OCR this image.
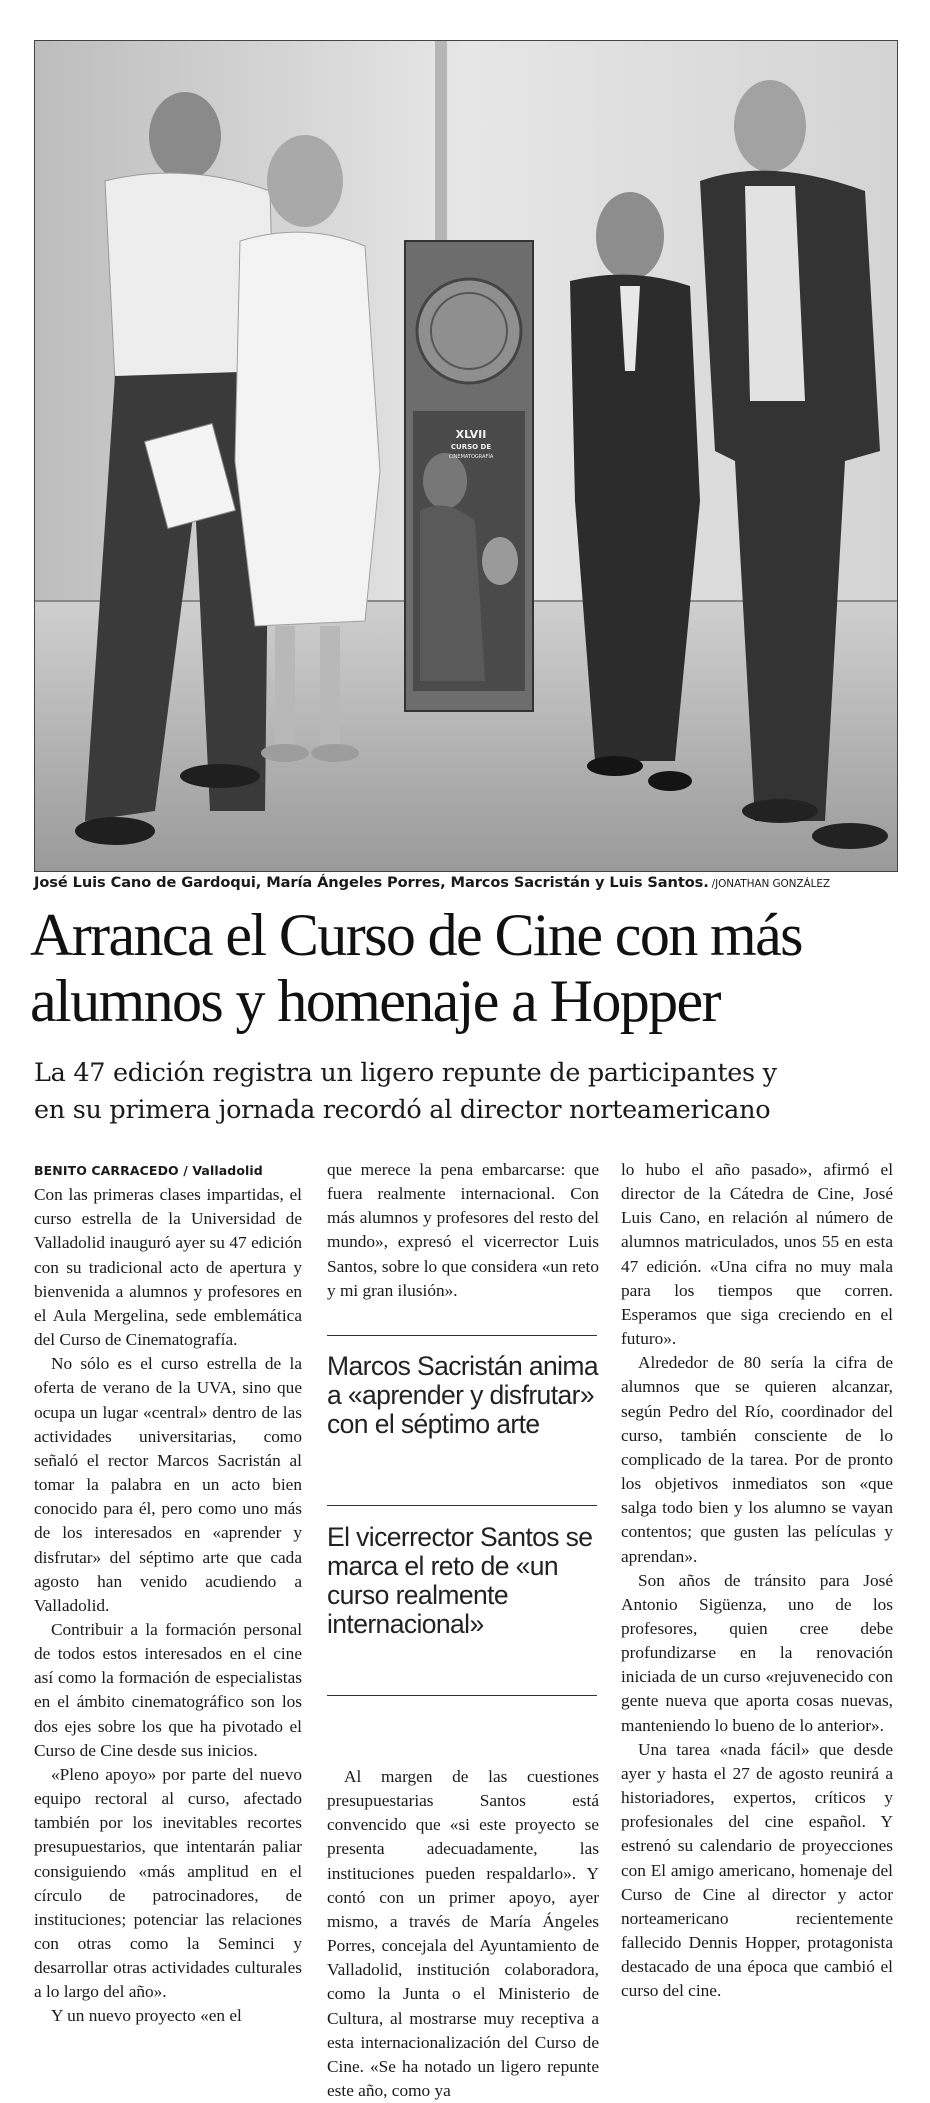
XLVII
CURSO DE
CINEMATOGRAFÍA
José Luis Cano de Gardoqui, María Ángeles Porres, Marcos Sacristán y Luis Santos. /JONATHAN GONZÁLEZ
Arranca el Curso de Cine con más
alumnos y homenaje a Hopper
La 47 edición registra un ligero repunte de participantes y
en su primera jornada recordó al director norteamericano

BENITO CARRACEDO / Valladolid
Con las primeras clases impartidas, el curso estrella de la Universidad de Valladolid inauguró ayer su 47 edición con su tradicional acto de apertura y bienvenida a alumnos y profesores en el Aula Mergelina, sede emblemática del Curso de Cinematografía.

No sólo es el curso estrella de la oferta de verano de la UVA, sino que ocupa un lugar «central» dentro de las actividades universitarias, como señaló el rector Marcos Sacristán al tomar la palabra en un acto bien conocido para él, pero como uno más de los interesados en «aprender y disfrutar» del séptimo arte que cada agosto han venido acudiendo a Valladolid.

Contribuir a la formación personal de todos estos interesados en el cine así como la formación de especialistas en el ámbito cinematográfico son los dos ejes sobre los que ha pivotado el Curso de Cine desde sus inicios.

«Pleno apoyo» por parte del nuevo equipo rectoral al curso, afectado también por los inevitables recortes presupuestarios, que intentarán paliar consiguiendo «más amplitud en el círculo de patrocinadores, de instituciones; potenciar las relaciones con otras como la Seminci y desarrollar otras actividades culturales a lo largo del año».

Y un nuevo proyecto «en el

que merece la pena embarcarse: que fuera realmente internacional. Con más alumnos y profesores del resto del mundo», expresó el vicerrector Luis Santos, sobre lo que considera «un reto y mi gran ilusión».

Marcos Sacristán anima a «aprender y disfrutar» con el séptimo arte
El vicerrector Santos se marca el reto de «un curso realmente internacional»

Al margen de las cuestiones presupuestarias Santos está convencido que «si este proyecto se presenta adecuadamente, las instituciones pueden respaldarlo». Y contó con un primer apoyo, ayer mismo, a través de María Ángeles Porres, concejala del Ayuntamiento de Valladolid, institución colaboradora, como la Junta o el Ministerio de Cultura, al mostrarse muy receptiva a esta internacionalización del Curso de Cine. «Se ha notado un ligero repunte este año, como ya

lo hubo el año pasado», afirmó el director de la Cátedra de Cine, José Luis Cano, en relación al número de alumnos matriculados, unos 55 en esta 47 edición. «Una cifra no muy mala para los tiempos que corren. Esperamos que siga creciendo en el futuro».

Alrededor de 80 sería la cifra de alumnos que se quieren alcanzar, según Pedro del Río, coordinador del curso, también consciente de lo complicado de la tarea. Por de pronto los objetivos inmediatos son «que salga todo bien y los alumno se vayan contentos; que gusten las películas y aprendan».

Son años de tránsito para José Antonio Sigüenza, uno de los profesores, quien cree debe profundizarse en la renovación iniciada de un curso «rejuvenecido con gente nueva que aporta cosas nuevas, manteniendo lo bueno de lo anterior».

Una tarea «nada fácil» que desde ayer y hasta el 27 de agosto reunirá a historiadores, expertos, críticos y profesionales del cine español. Y estrenó su calendario de proyecciones con El amigo americano, homenaje del Curso de Cine al director y actor norteamericano recientemente fallecido Dennis Hopper, protagonista destacado de una época que cambió el curso del cine.
